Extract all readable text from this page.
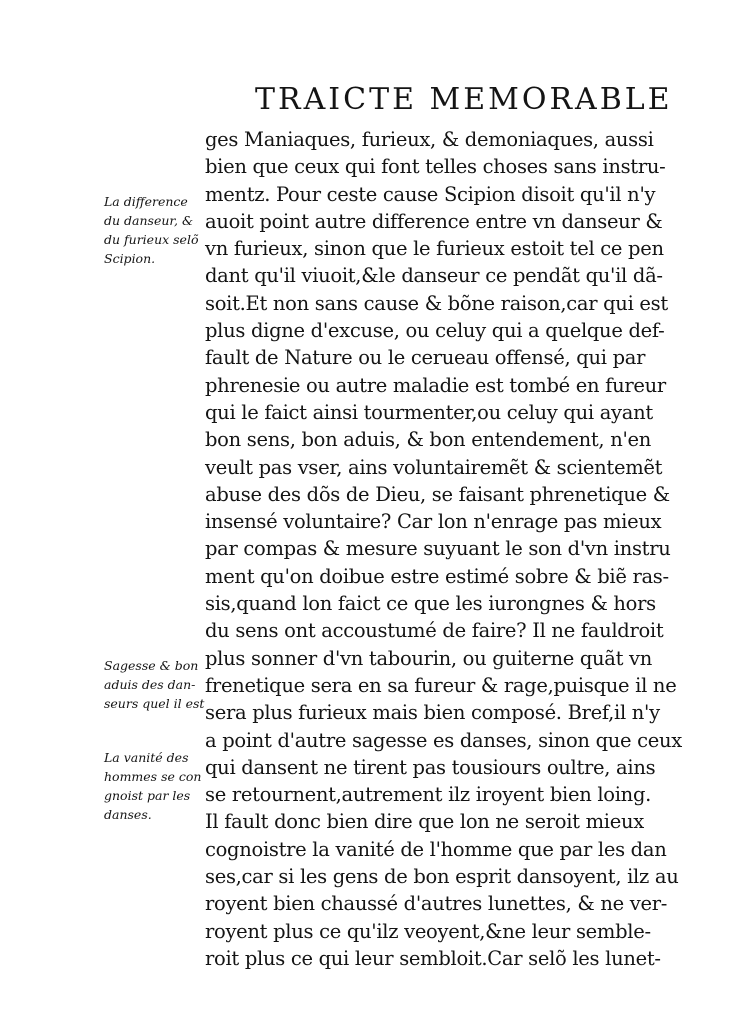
TRAICTE MEMORABLE
ges Maniaques, furieux, & demoniaques, aussi
bien que ceux qui font telles choses sans instru-
mentz. Pour ceste cause Scipion disoit qu'il n'y
auoit point autre difference entre vn danseur &
vn furieux, sinon que le furieux estoit tel ce pen
dant qu'il viuoit,&le danseur ce pendãt qu'il dã-
soit.Et non sans cause & bõne raison,car qui est
plus digne d'excuse, ou celuy qui a quelque def-
fault de Nature ou le cerueau offensé, qui par
phrenesie ou autre maladie est tombé en fureur
qui le faict ainsi tourmenter,ou celuy qui ayant
bon sens, bon aduis, & bon entendement, n'en
veult pas vser, ains voluntairemẽt & scientemẽt
abuse des dõs de Dieu, se faisant phrenetique &
insensé voluntaire? Car lon n'enrage pas mieux
par compas & mesure suyuant le son d'vn instru
ment qu'on doibue estre estimé sobre & biẽ ras-
sis,quand lon faict ce que les iurongnes & hors
du sens ont accoustumé de faire? Il ne fauldroit
plus sonner d'vn tabourin, ou guiterne quãt vn
frenetique sera en sa fureur & rage,puisque il ne
sera plus furieux mais bien composé. Bref,il n'y
a point d'autre sagesse es danses, sinon que ceux
qui dansent ne tirent pas tousiours oultre, ains
se retournent,autrement ilz iroyent bien loing.
Il fault donc bien dire que lon ne seroit mieux
cognoistre la vanité de l'homme que par les dan
ses,car si les gens de bon esprit dansoyent, ilz au
royent bien chaussé d'autres lunettes, & ne ver-
royent plus ce qu'ilz veoyent,&ne leur semble-
roit plus ce qui leur sembloit.Car selõ les lunet-
La difference
du danseur, &
du furieux selõ
Scipion.
Sagesse & bon
aduis des dan-
seurs quel il est
La vanité des
hommes se con
gnoist par les
danses.
